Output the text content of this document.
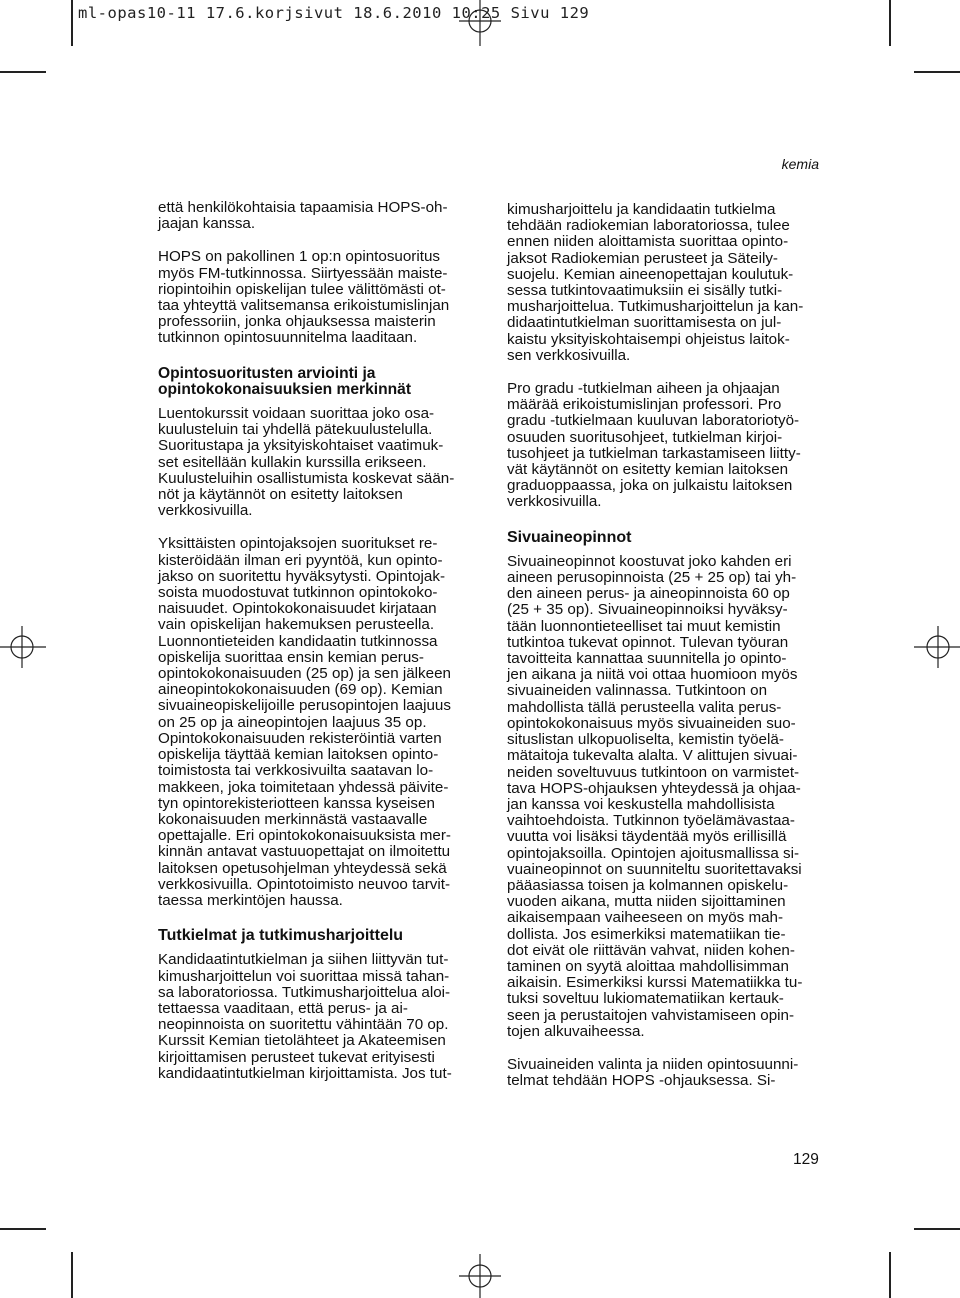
ml-opas10-11 17.6.korjsivut 18.6.2010 10:25 Sivu 129
kemia

että henkilökohtaisia tapaamisia HOPS-oh-
jaajan kanssa.

HOPS on pakollinen 1 op:n opintosuoritus
myös FM-tutkinnossa. Siirtyessään maiste-
riopintoihin opiskelijan tulee välittömästi ot-
taa yhteyttä valitsemansa erikoistumislinjan
professoriin, jonka ohjauksessa maisterin
tutkinnon opintosuunnitelma laaditaan.

Opintosuoritusten arviointi ja
opintokokonaisuuksien merkinnät

Luentokurssit voidaan suorittaa joko osa-
kuulusteluin tai yhdellä pätekuulustelulla.
Suoritustapa ja yksityiskohtaiset vaatimuk-
set esitellään kullakin kurssilla erikseen.
Kuulusteluihin osallistumista koskevat sään-
nöt ja käytännöt on esitetty laitoksen
verkkosivuilla.

Yksittäisten opintojaksojen suoritukset re-
kisteröidään ilman eri pyyntöä, kun opinto-
jakso on suoritettu hyväksytysti. Opintojak-
soista muodostuvat tutkinnon opintokoko-
naisuudet. Opintokokonaisuudet kirjataan
vain opiskelijan hakemuksen perusteella.
Luonnontieteiden kandidaatin tutkinnossa
opiskelija suorittaa ensin kemian perus-
opintokokonaisuuden (25 op) ja sen jälkeen
aineopintokokonaisuuden (69 op). Kemian
sivuaineopiskelijoille perusopintojen laajuus
on 25 op ja aineopintojen laajuus 35 op.
Opintokokonaisuuden rekisteröintiä varten
opiskelija täyttää kemian laitoksen opinto-
toimistosta tai verkkosivuilta saatavan lo-
makkeen, joka toimitetaan yhdessä päivite-
tyn opintorekisteriotteen kanssa kyseisen
kokonaisuuden merkinnästä vastaavalle
opettajalle. Eri opintokokonaisuuksista mer-
kinnän antavat vastuuopettajat on ilmoitettu
laitoksen opetusohjelman yhteydessä sekä
verkkosivuilla. Opintotoimisto neuvoo tarvit-
taessa merkintöjen haussa.

Tutkielmat ja tutkimusharjoittelu

Kandidaatintutkielman ja siihen liittyvän tut-
kimusharjoittelun voi suorittaa missä tahan-
sa laboratoriossa. Tutkimusharjoittelua aloi-
tettaessa vaaditaan, että perus- ja ai-
neopinnoista on suoritettu vähintään 70 op.
Kurssit Kemian tietolähteet ja Akateemisen
kirjoittamisen perusteet tukevat erityisesti
kandidaatintutkielman kirjoittamista. Jos tut-

kimusharjoittelu ja kandidaatin tutkielma
tehdään radiokemian laboratoriossa, tulee
ennen niiden aloittamista suorittaa opinto-
jaksot Radiokemian perusteet ja Säteily-
suojelu. Kemian aineenopettajan koulutuk-
sessa tutkintovaatimuksiin ei sisälly tutki-
musharjoittelua. Tutkimusharjoittelun ja kan-
didaatintutkielman suorittamisesta on jul-
kaistu yksityiskohtaisempi ohjeistus laitok-
sen verkkosivuilla.

Pro gradu -tutkielman aiheen ja ohjaajan
määrää erikoistumislinjan professori. Pro
gradu -tutkielmaan kuuluvan laboratoriotyö-
osuuden suoritusohjeet, tutkielman kirjoi-
tusohjeet ja tutkielman tarkastamiseen liitty-
vät käytännöt on esitetty kemian laitoksen
graduoppaassa, joka on julkaistu laitoksen
verkkosivuilla.

Sivuaineopinnot

Sivuaineopinnot koostuvat joko kahden eri
aineen perusopinnoista (25 + 25 op) tai yh-
den aineen perus- ja aineopinnoista 60 op
(25 + 35 op). Sivuaineopinnoiksi hyväksy-
tään luonnontieteelliset tai muut kemistin
tutkintoa tukevat opinnot. Tulevan työuran
tavoitteita kannattaa suunnitella jo opinto-
jen aikana ja niitä voi ottaa huomioon myös
sivuaineiden valinnassa. Tutkintoon on
mahdollista tällä perusteella valita perus-
opintokokonaisuus myös sivuaineiden suo-
situslistan ulkopuoliselta, kemistin työelä-
mätaitoja tukevalta alalta. V alittujen sivuai-
neiden soveltuvuus tutkintoon on varmistet-
tava HOPS-ohjauksen yhteydessä ja ohjaa-
jan kanssa voi keskustella mahdollisista
vaihtoehdoista. Tutkinnon työelämävastaa-
vuutta voi lisäksi täydentää myös erillisillä
opintojaksoilla. Opintojen ajoitusmallissa si-
vuaineopinnot on suunniteltu suoritettavaksi
pääasiassa toisen ja kolmannen opiskelu-
vuoden aikana, mutta niiden sijoittaminen
aikaisempaan vaiheeseen on myös mah-
dollista. Jos esimerkiksi matematiikan tie-
dot eivät ole riittävän vahvat, niiden kohen-
taminen on syytä aloittaa mahdollisimman
aikaisin. Esimerkiksi kurssi Matematiikka tu-
tuksi soveltuu lukiomatematiikan kertauk-
seen ja perustaitojen vahvistamiseen opin-
tojen alkuvaiheessa.

Sivuaineiden valinta ja niiden opintosuunni-
telmat tehdään HOPS -ohjauksessa. Si-

129
